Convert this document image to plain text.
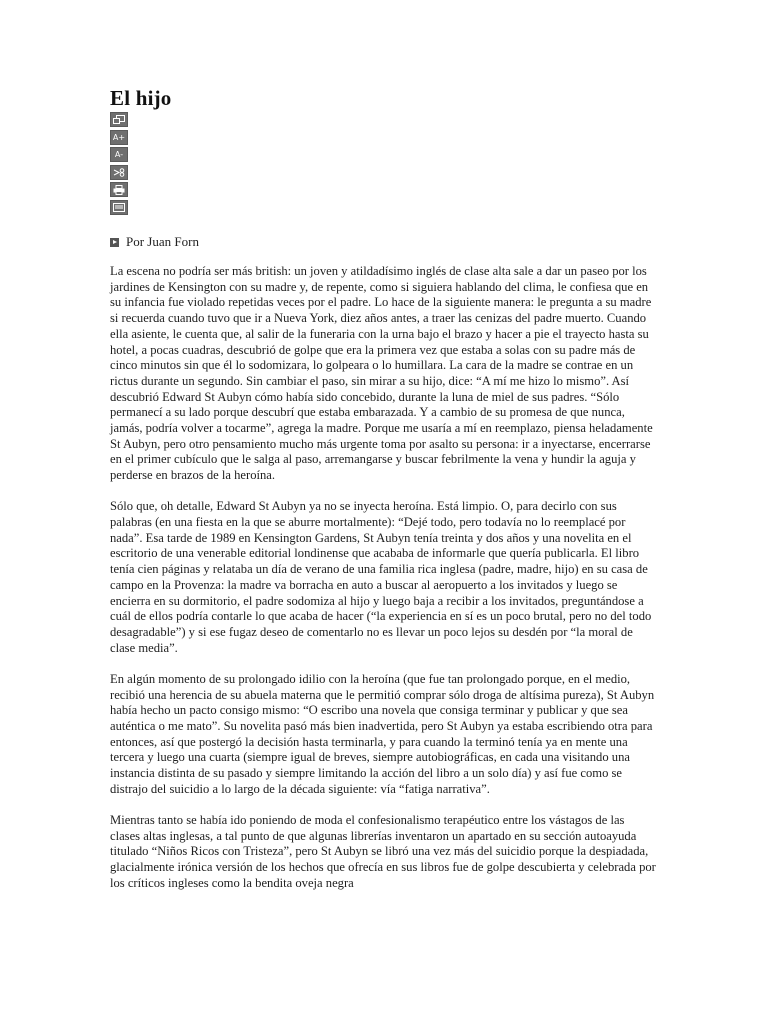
El hijo
A+
A-
Por Juan Forn

La escena no podría ser más british: un joven y atildadísimo inglés de clase alta sale a dar un paseo por los jardines de Kensington con su madre y, de repente, como si siguiera hablando del clima, le confiesa que en su infancia fue violado repetidas veces por el padre. Lo hace de la siguiente manera: le pregunta a su madre si recuerda cuando tuvo que ir a Nueva York, diez años antes, a traer las cenizas del padre muerto. Cuando ella asiente, le cuenta que, al salir de la funeraria con la urna bajo el brazo y hacer a pie el trayecto hasta su hotel, a pocas cuadras, descubrió de golpe que era la primera vez que estaba a solas con su padre más de cinco minutos sin que él lo sodomizara, lo golpeara o lo humillara. La cara de la madre se contrae en un rictus durante un segundo. Sin cambiar el paso, sin mirar a su hijo, dice: “A mí me hizo lo mismo”. Así descubrió Edward St Aubyn cómo había sido concebido, durante la luna de miel de sus padres. “Sólo permanecí a su lado porque descubrí que estaba embarazada. Y a cambio de su promesa de que nunca, jamás, podría volver a tocarme”, agrega la madre. Porque me usaría a mí en reemplazo, piensa heladamente St Aubyn, pero otro pensamiento mucho más urgente toma por asalto su persona: ir a inyectarse, encerrarse en el primer cubículo que le salga al paso, arremangarse y buscar febrilmente la vena y hundir la aguja y perderse en brazos de la heroína.

Sólo que, oh detalle, Edward St Aubyn ya no se inyecta heroína. Está limpio. O, para decirlo con sus palabras (en una fiesta en la que se aburre mortalmente): “Dejé todo, pero todavía no lo reemplacé por nada”. Esa tarde de 1989 en Kensington Gardens, St Aubyn tenía treinta y dos años y una novelita en el escritorio de una venerable editorial londinense que acababa de informarle que quería publicarla. El libro tenía cien páginas y relataba un día de verano de una familia rica inglesa (padre, madre, hijo) en su casa de campo en la Provenza: la madre va borracha en auto a buscar al aeropuerto a los invitados y luego se encierra en su dormitorio, el padre sodomiza al hijo y luego baja a recibir a los invitados, preguntándose a cuál de ellos podría contarle lo que acaba de hacer (“la experiencia en sí es un poco brutal, pero no del todo desagradable”) y si ese fugaz deseo de comentarlo no es llevar un poco lejos su desdén por “la moral de clase media”.

En algún momento de su prolongado idilio con la heroína (que fue tan prolongado porque, en el medio, recibió una herencia de su abuela materna que le permitió comprar sólo droga de altísima pureza), St Aubyn había hecho un pacto consigo mismo: “O escribo una novela que consiga terminar y publicar y que sea auténtica o me mato”. Su novelita pasó más bien inadvertida, pero St Aubyn ya estaba escribiendo otra para entonces, así que postergó la decisión hasta terminarla, y para cuando la terminó tenía ya en mente una tercera y luego una cuarta (siempre igual de breves, siempre autobiográficas, en cada una visitando una instancia distinta de su pasado y siempre limitando la acción del libro a un solo día) y así fue como se distrajo del suicidio a lo largo de la década siguiente: vía “fatiga narrativa”.

Mientras tanto se había ido poniendo de moda el confesionalismo terapéutico entre los vástagos de las clases altas inglesas, a tal punto de que algunas librerías inventaron un apartado en su sección autoayuda titulado “Niños Ricos con Tristeza”, pero St Aubyn se libró una vez más del suicidio porque la despiadada, glacialmente irónica versión de los hechos que ofrecía en sus libros fue de golpe descubierta y celebrada por los críticos ingleses como la bendita oveja negra
